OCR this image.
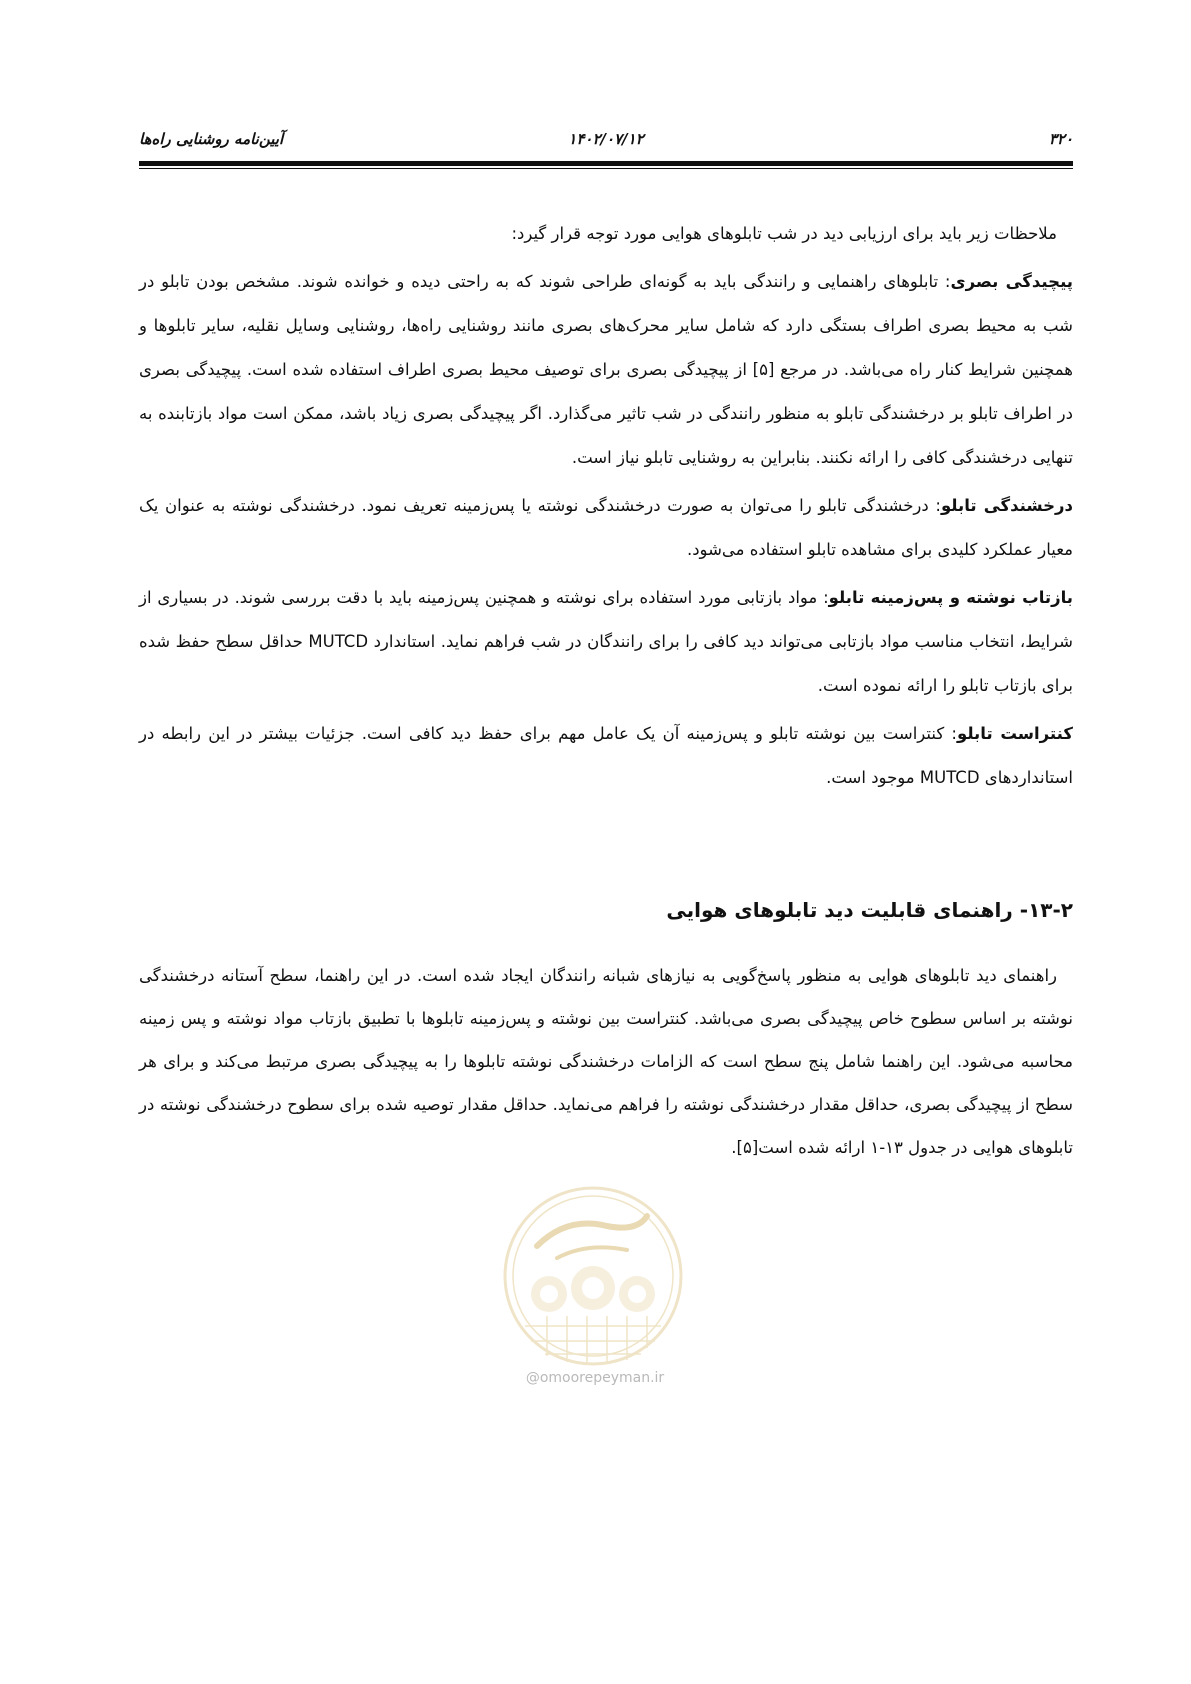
۳۲۰
۱۴۰۲/۰۷/۱۲
آیین‌نامه روشنایی راه‌ها

ملاحظات زیر باید برای ارزیابی دید در شب تابلوهای هوایی مورد توجه قرار گیرد:

پیچیدگی بصری: تابلوهای راهنمایی و رانندگی باید به گونه‌ای طراحی شوند که به راحتی دیده و خوانده شوند. مشخص بودن تابلو در شب به محیط بصری اطراف بستگی دارد که شامل سایر محرک‌های بصری مانند روشنایی راه‌ها، روشنایی وسایل نقلیه، سایر تابلوها و همچنین شرایط کنار راه می‌باشد. در مرجع [۵] از پیچیدگی بصری برای توصیف محیط بصری اطراف استفاده شده است. پیچیدگی بصری در اطراف تابلو بر درخشندگی تابلو به منظور رانندگی در شب تاثیر می‌گذارد. اگر پیچیدگی بصری زیاد باشد، ممکن است مواد بازتابنده به تنهایی درخشندگی کافی را ارائه نکنند. بنابراین به روشنایی تابلو نیاز است.

درخشندگی تابلو: درخشندگی تابلو را می‌توان به صورت درخشندگی نوشته یا پس‌زمینه تعریف نمود. درخشندگی نوشته به عنوان یک معیار عملکرد کلیدی برای مشاهده تابلو استفاده می‌شود.

بازتاب نوشته و پس‌زمینه تابلو: مواد بازتابی مورد استفاده برای نوشته و همچنین پس‌زمینه باید با دقت بررسی شوند. در بسیاری از شرایط، انتخاب مناسب مواد بازتابی می‌تواند دید کافی را برای رانندگان در شب فراهم نماید. استاندارد MUTCD حداقل سطح حفظ شده برای بازتاب تابلو را ارائه نموده است.

کنتراست تابلو: کنتراست بین نوشته تابلو و پس‌زمینه آن یک عامل مهم برای حفظ دید کافی است. جزئیات بیشتر در این رابطه در استانداردهای MUTCD موجود است.

۱۳-۲- راهنمای قابلیت دید تابلوهای هوایی

راهنمای دید تابلوهای هوایی به منظور پاسخ‌گویی به نیازهای شبانه رانندگان ایجاد شده است. در این راهنما، سطح آستانه درخشندگی نوشته بر اساس سطوح خاص پیچیدگی بصری می‌باشد. کنتراست بین نوشته و پس‌زمینه تابلوها با تطبیق بازتاب مواد نوشته و پس زمینه محاسبه می‌شود. این راهنما شامل پنج سطح است که الزامات درخشندگی نوشته تابلوها را به پیچیدگی بصری مرتبط می‌کند و برای هر سطح از پیچیدگی بصری، حداقل مقدار درخشندگی نوشته را فراهم می‌نماید. حداقل مقدار توصیه شده برای سطوح درخشندگی نوشته در تابلوهای هوایی در جدول ۱۳-۱ ارائه شده است[۵].

@omoorepeyman.ir
